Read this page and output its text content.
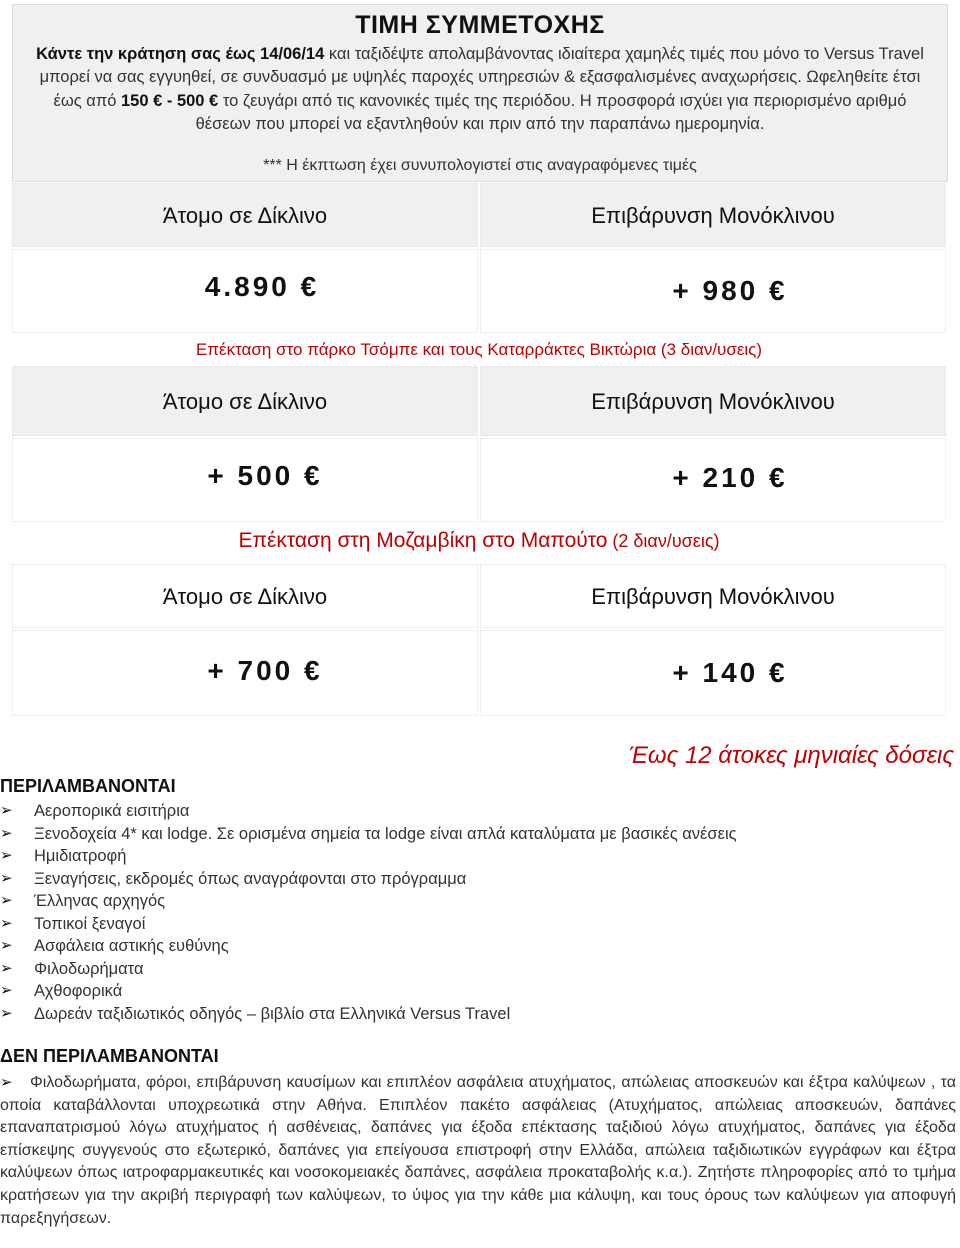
ΤΙΜΗ ΣΥΜΜΕΤΟΧΗΣ
Κάντε την κράτηση σας έως 14/06/14 και ταξιδέψτε απολαμβάνοντας ιδιαίτερα χαμηλές τιμές που μόνο το Versus Travel μπορεί να σας εγγυηθεί, σε συνδυασμό με υψηλές παροχές υπηρεσιών & εξασφαλισμένες αναχωρήσεις. Ωφεληθείτε έτσι έως από 150 € - 500 € το ζευγάρι από τις κανονικές τιμές της περιόδου. Η προσφορά ισχύει για περιορισμένο αριθμό θέσεων που μπορεί να εξαντληθούν και πριν από την παραπάνω ημερομηνία.
*** Η έκπτωση έχει συνυπολογιστεί στις αναγραφόμενες τιμές
Άτομο σε Δίκλινο	Επιβάρυνση Μονόκλινου
4.890 €	+ 980 €
Επέκταση στο πάρκο Τσόμπε και τους Καταρράκτες Βικτώρια (3 διαν/υσεις)
Άτομο σε Δίκλινο	Επιβάρυνση Μονόκλινου
+ 500 €	+ 210 €
Επέκταση στη Μοζαμβίκη στο Μαπούτο (2 διαν/υσεις)
Άτομο σε Δίκλινο	Επιβάρυνση Μονόκλινου
+ 700 €	+ 140 €
Έως 12 άτοκες μηνιαίες δόσεις
ΠΕΡΙΛΑΜΒΑΝΟΝΤΑΙ
➢ Αεροπορικά εισιτήρια
➢ Ξενοδοχεία 4* και lodge. Σε ορισμένα σημεία τα lodge είναι απλά καταλύματα με βασικές ανέσεις
➢ Ημιδιατροφή
➢ Ξεναγήσεις, εκδρομές όπως αναγράφονται στο πρόγραμμα
➢ Έλληνας αρχηγός
➢ Τοπικοί ξεναγοί
➢ Ασφάλεια αστικής ευθύνης
➢ Φιλοδωρήματα
➢ Αχθοφορικά
➢ Δωρεάν ταξιδιωτικός οδηγός – βιβλίο στα Ελληνικά Versus Travel
ΔΕΝ ΠΕΡΙΛΑΜΒΑΝΟΝΤΑΙ
➢ Φιλοδωρήματα, φόροι, επιβάρυνση καυσίμων και επιπλέον ασφάλεια ατυχήματος, απώλειας αποσκευών και έξτρα καλύψεων , τα οποία καταβάλλονται υποχρεωτικά στην Αθήνα. Επιπλέον πακέτο ασφάλειας (Ατυχήματος, απώλειας αποσκευών, δαπάνες επαναπατρισμού λόγω ατυχήματος ή ασθένειας, δαπάνες για έξοδα επέκτασης ταξιδιού λόγω ατυχήματος, δαπάνες για έξοδα επίσκεψης συγγενούς στο εξωτερικό, δαπάνες για επείγουσα επιστροφή στην Ελλάδα, απώλεια ταξιδιωτικών εγγράφων και έξτρα καλύψεων όπως ιατροφαρμακευτικές και νοσοκομειακές δαπάνες, ασφάλεια προκαταβολής κ.α.). Ζητήστε πληροφορίες από το τμήμα κρατήσεων για την ακριβή περιγραφή των καλύψεων, το ύψος για την κάθε μια κάλυψη, και τους όρους των καλύψεων για αποφυγή παρεξηγήσεων.
